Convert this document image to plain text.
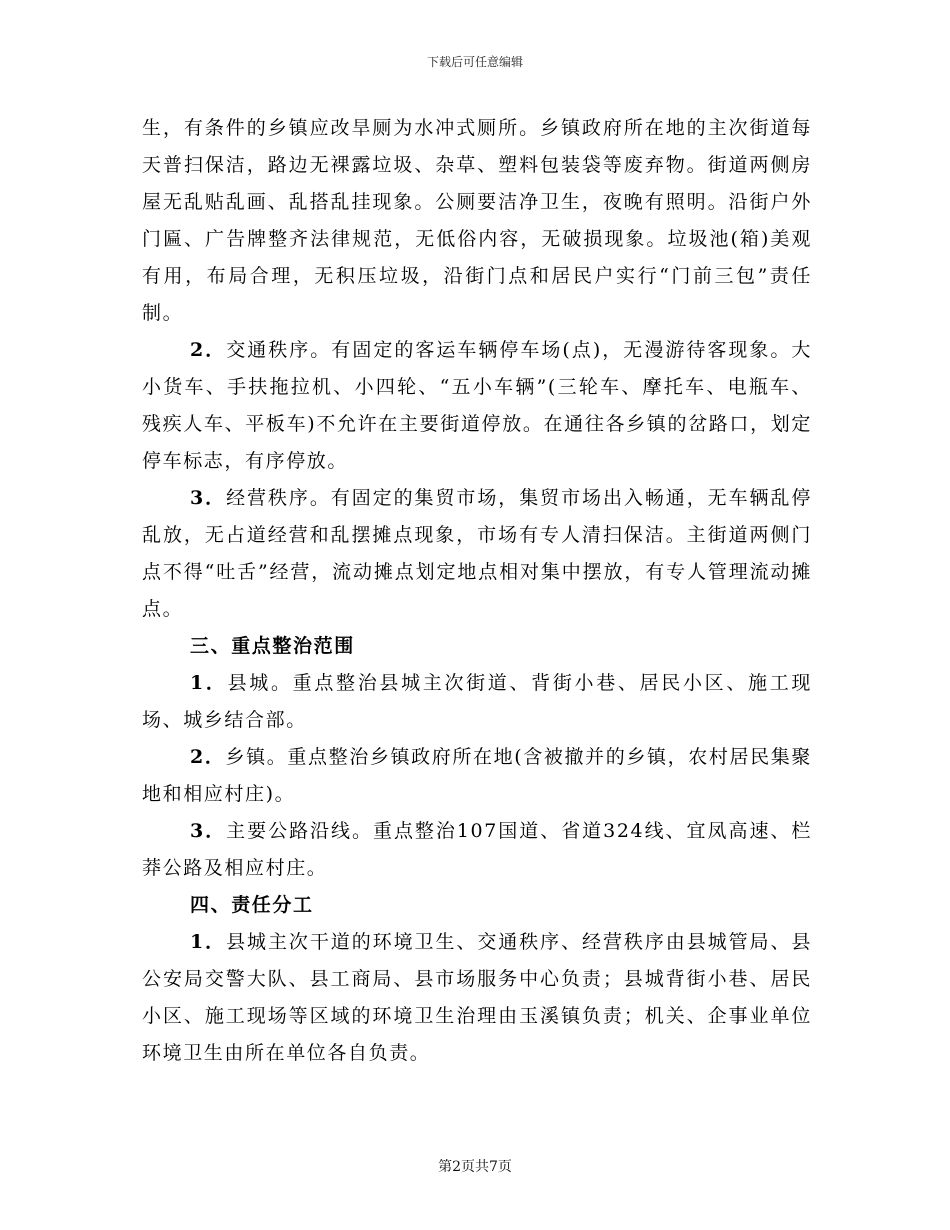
下载后可任意编辑

生，有条件的乡镇应改旱厕为水冲式厕所。乡镇政府所在地的主次街道每天普扫保洁，路边无裸露垃圾、杂草、塑料包装袋等废弃物。街道两侧房屋无乱贴乱画、乱搭乱挂现象。公厕要洁净卫生，夜晚有照明。沿街户外门匾、广告牌整齐法律规范，无低俗内容，无破损现象。垃圾池(箱)美观有用，布局合理，无积压垃圾，沿街门点和居民户实行“门前三包”责任制。

2．交通秩序。有固定的客运车辆停车场(点)，无漫游待客现象。大小货车、手扶拖拉机、小四轮、“五小车辆”(三轮车、摩托车、电瓶车、残疾人车、平板车)不允许在主要街道停放。在通往各乡镇的岔路口，划定停车标志，有序停放。

3．经营秩序。有固定的集贸市场，集贸市场出入畅通，无车辆乱停乱放，无占道经营和乱摆摊点现象，市场有专人清扫保洁。主街道两侧门点不得“吐舌”经营，流动摊点划定地点相对集中摆放，有专人管理流动摊点。

三、重点整治范围

1．县城。重点整治县城主次街道、背街小巷、居民小区、施工现场、城乡结合部。

2．乡镇。重点整治乡镇政府所在地(含被撤并的乡镇，农村居民集聚地和相应村庄)。

3．主要公路沿线。重点整治107国道、省道324线、宜凤高速、栏莽公路及相应村庄。

四、责任分工

1．县城主次干道的环境卫生、交通秩序、经营秩序由县城管局、县公安局交警大队、县工商局、县市场服务中心负责；县城背街小巷、居民小区、施工现场等区域的环境卫生治理由玉溪镇负责；机关、企事业单位环境卫生由所在单位各自负责。

第2页共7页
